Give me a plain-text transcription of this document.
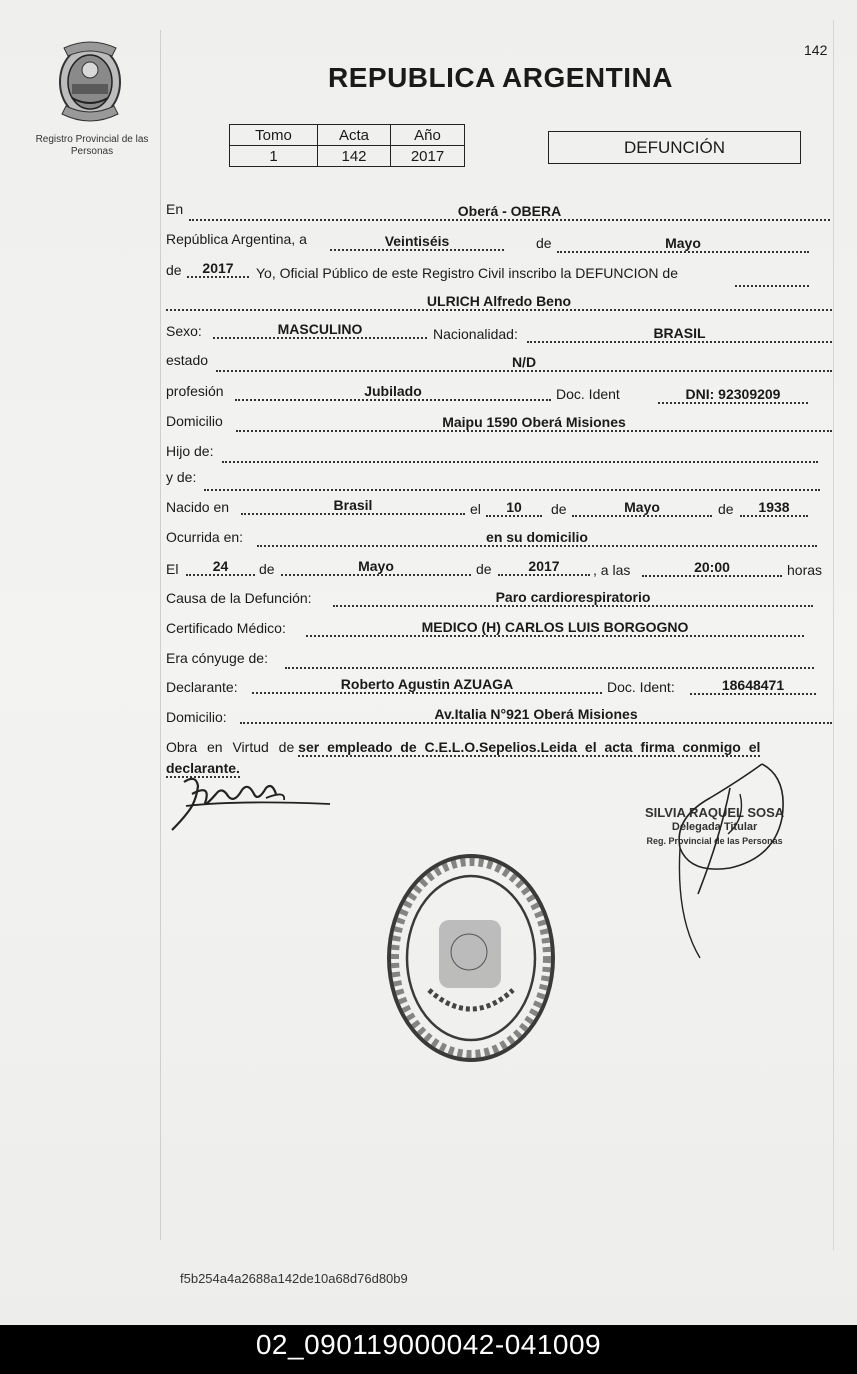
142
Registro Provincial de las Personas
REPUBLICA ARGENTINA
Tomo	Acta	Año
1	142	2017	DEFUNCIÓN
En	Oberá - OBERA
República Argentina, a	Veintiséis	de	Mayo
de	2017	Yo, Oficial Público de este Registro Civil inscribo la DEFUNCION de
ULRICH Alfredo Beno
Sexo:	MASCULINO	Nacionalidad:	BRASIL
estado	N/D
profesión	Jubilado	Doc. Ident	DNI: 92309209
Domicilio	Maipu 1590 Oberá Misiones
Hijo de:
y de:
Nacido en	Brasil	el	10	de	Mayo	de	1938
Ocurrida en:	en su domicilio
El	24	de	Mayo	de	2017	, a las	20:00	horas
Causa de la Defunción:	Paro cardiorespiratorio
Certificado Médico:	MEDICO (H) CARLOS LUIS BORGOGNO
Era cónyuge de:
Declarante:	Roberto Agustin AZUAGA	Doc. Ident:	18648471
Domicilio:	Av.Italia N°921 Oberá Misiones
Obra en Virtud de ser empleado de C.E.L.O.Sepelios.Leida el acta firma conmigo el declarante.
SILVIA RAQUEL SOSA
Delegada Titular
Reg. Provincial de las Personas
f5b254a4a2688a142de10a68d76d80b9
02_090119000042-041009
